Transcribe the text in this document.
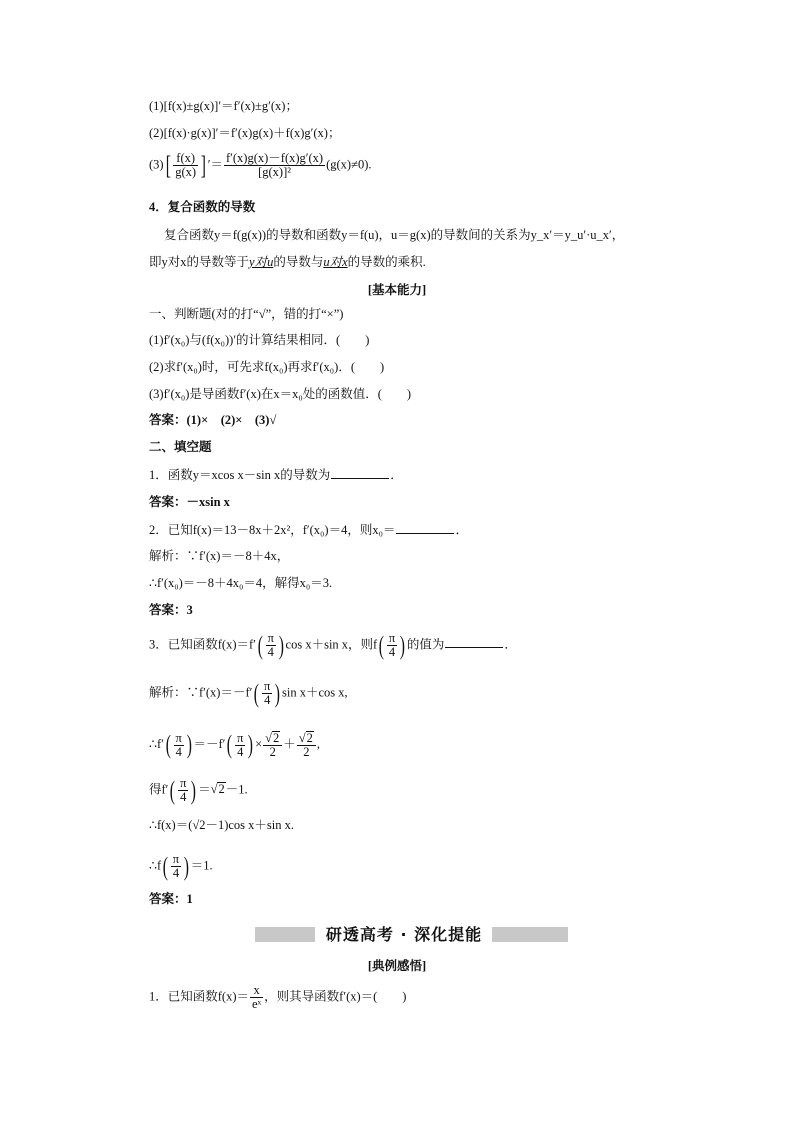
(1)[f(x)±g(x)]′＝f′(x)±g′(x)；
(2)[f(x)·g(x)]′＝f′(x)g(x)＋f(x)g′(x)；
$(3)[ \frac{f(x)}{g(x)}$ ] ′＝ $\frac{f'(x)g(x)-f(x)g'(x)}{\text{[g(x)]²}} (g(x)\ne 0)$.
4．复合函数的导数
复合函数y＝f(g(x))的导数和函数y＝f(u)，u＝g(x)的导数间的关系为y_x′＝y_u′·u_x′，
即y对x的导数等于y对u的导数与u对x的导数的乘积.
[基本能力]
一、判断题(对的打“√”，错的打“×”)
(1)f′(x₀)与(f(x₀))′的计算结果相同．(　　)
(2)求f′(x₀)时，可先求f(x₀)再求f′(x₀)．(　　)
(3)f′(x₀)是导函数f′(x)在x＝x₀处的函数值．(　　)
答案：(1)×　(2)×　(3)√
二、填空题
1．函数y＝xcos x－sin x的导数为	．
答案：－xsin x
2．已知f(x)＝13－8x＋2x²，f′(x₀)＝4，则x₀＝	．
解析：∵f′(x)＝－8＋4x，
∴f′(x₀)＝－8＋4x₀＝4，解得x₀＝3.
答案：3
3．已知函数$f(x)=f'( \frac{\pi}{4}$ ) cos x＋sin x，则$f( \frac{\pi}{4}$ ) 的值为	．
解析：∵f′(x)＝－f′( $\frac{\pi}{4}$ ) sin x＋cos x,
∴f′( $\frac{\pi}{4}$ ) $=-f'( \frac{\pi}{4}$ ) × $\frac{√2}{2} + \frac{√2}{2}$ ,
得$f'( \frac{\pi}{4}$ ) ＝√2－1.
∴f(x)＝(√2－1)cos x＋sin x.
∴f( $\frac{\pi}{4}$ ) ＝1.
答案：1
研透高考 · 深化提能
[典例感悟]
1．已知函数$f(x)= \frac{x}{\text{eˣ}}$ ，则其导函数f′(x)＝(　　)
